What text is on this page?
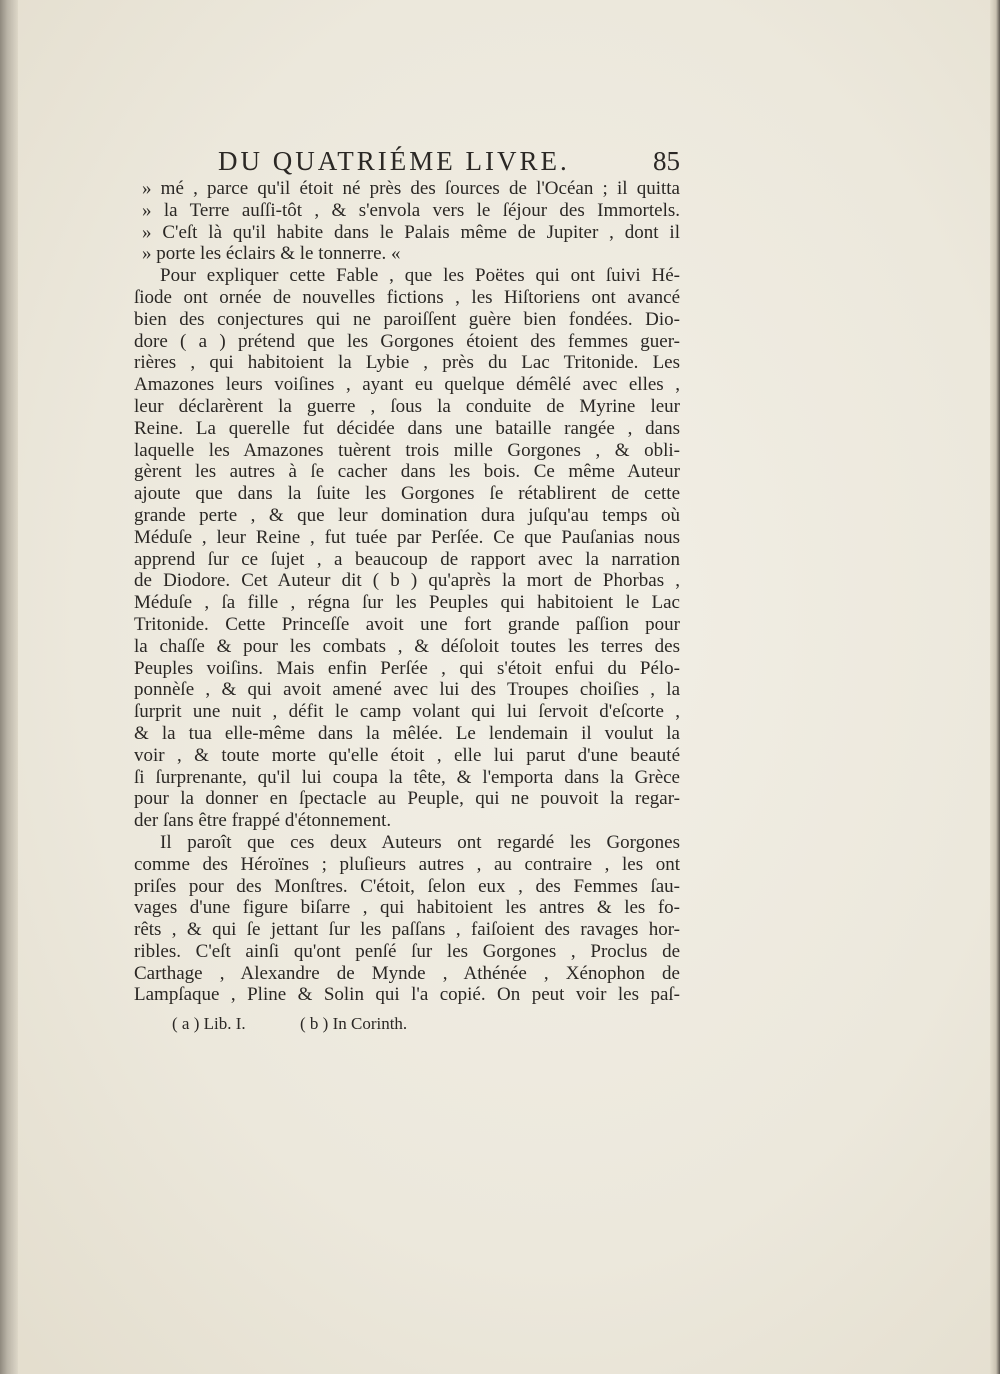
DU QUATRIÉME LIVRE.	85
» mé , parce qu'il étoit né près des ſources de l'Océan ; il quitta
» la Terre auſſi-tôt , & s'envola vers le ſéjour des Immortels.
» C'eſt là qu'il habite dans le Palais même de Jupiter , dont il
» porte les éclairs & le tonnerre. «
Pour expliquer cette Fable , que les Poëtes qui ont ſuivi Hé-
ſiode ont ornée de nouvelles fictions , les Hiſtoriens ont avancé
bien des conjectures qui ne paroiſſent guère bien fondées. Dio-
dore ( a ) prétend que les Gorgones étoient des femmes guer-
rières , qui habitoient la Lybie , près du Lac Tritonide. Les
Amazones leurs voiſines , ayant eu quelque démêlé avec elles ,
leur déclarèrent la guerre , ſous la conduite de Myrine leur
Reine. La querelle fut décidée dans une bataille rangée , dans
laquelle les Amazones tuèrent trois mille Gorgones , & obli-
gèrent les autres à ſe cacher dans les bois. Ce même Auteur
ajoute que dans la ſuite les Gorgones ſe rétablirent de cette
grande perte , & que leur domination dura juſqu'au temps où
Méduſe , leur Reine , fut tuée par Perſée. Ce que Pauſanias nous
apprend ſur ce ſujet , a beaucoup de rapport avec la narration
de Diodore. Cet Auteur dit ( b ) qu'après la mort de Phorbas ,
Méduſe , ſa fille , régna ſur les Peuples qui habitoient le Lac
Tritonide. Cette Princeſſe avoit une fort grande paſſion pour
la chaſſe & pour les combats , & déſoloit toutes les terres des
Peuples voiſins. Mais enfin Perſée , qui s'étoit enfui du Pélo-
ponnèſe , & qui avoit amené avec lui des Troupes choiſies , la
ſurprit une nuit , défit le camp volant qui lui ſervoit d'eſcorte ,
& la tua elle-même dans la mêlée. Le lendemain il voulut la
voir , & toute morte qu'elle étoit , elle lui parut d'une beauté
ſi ſurprenante, qu'il lui coupa la tête, & l'emporta dans la Grèce
pour la donner en ſpectacle au Peuple, qui ne pouvoit la regar-
der ſans être frappé d'étonnement.
Il paroît que ces deux Auteurs ont regardé les Gorgones
comme des Héroïnes ; pluſieurs autres , au contraire , les ont
priſes pour des Monſtres. C'étoit, ſelon eux , des Femmes ſau-
vages d'une figure biſarre , qui habitoient les antres & les fo-
rêts , & qui ſe jettant ſur les paſſans , faiſoient des ravages hor-
ribles. C'eſt ainſi qu'ont penſé ſur les Gorgones , Proclus de
Carthage , Alexandre de Mynde , Athénée , Xénophon de
Lampſaque , Pline & Solin qui l'a copié. On peut voir les paſ-
( a ) Lib. I.	( b ) In Corinth.
